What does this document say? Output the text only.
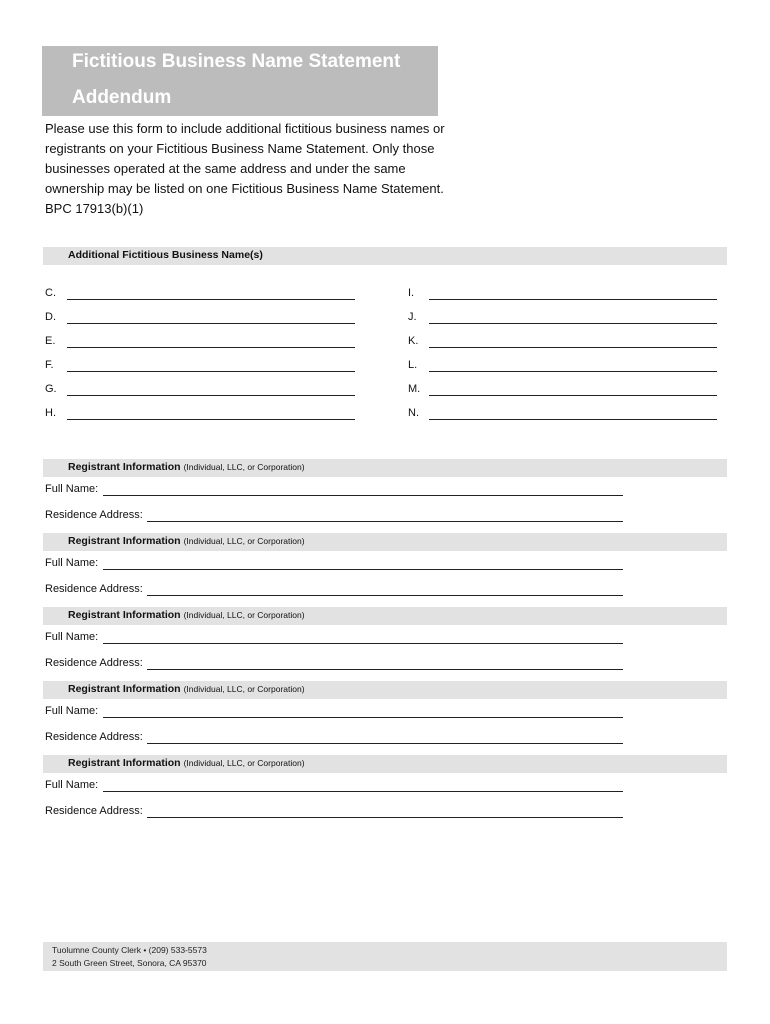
Fictitious Business Name Statement
Addendum
Please use this form to include additional fictitious business names or
registrants on your Fictitious Business Name Statement. Only those
businesses operated at the same address and under the same
ownership may be listed on one Fictitious Business Name Statement.
BPC 17913(b)(1)
Additional Fictitious Business Name(s)
C.
D.
E.
F.
G.
H.
I.
J.
K.
L.
M.
N.
Registrant Information (Individual, LLC, or Corporation)
Full Name:
Residence Address:
Registrant Information (Individual, LLC, or Corporation)
Full Name:
Residence Address:
Registrant Information (Individual, LLC, or Corporation)
Full Name:
Residence Address:
Registrant Information (Individual, LLC, or Corporation)
Full Name:
Residence Address:
Registrant Information (Individual, LLC, or Corporation)
Full Name:
Residence Address:
Tuolumne County Clerk • (209) 533-5573
2 South Green Street, Sonora, CA 95370
